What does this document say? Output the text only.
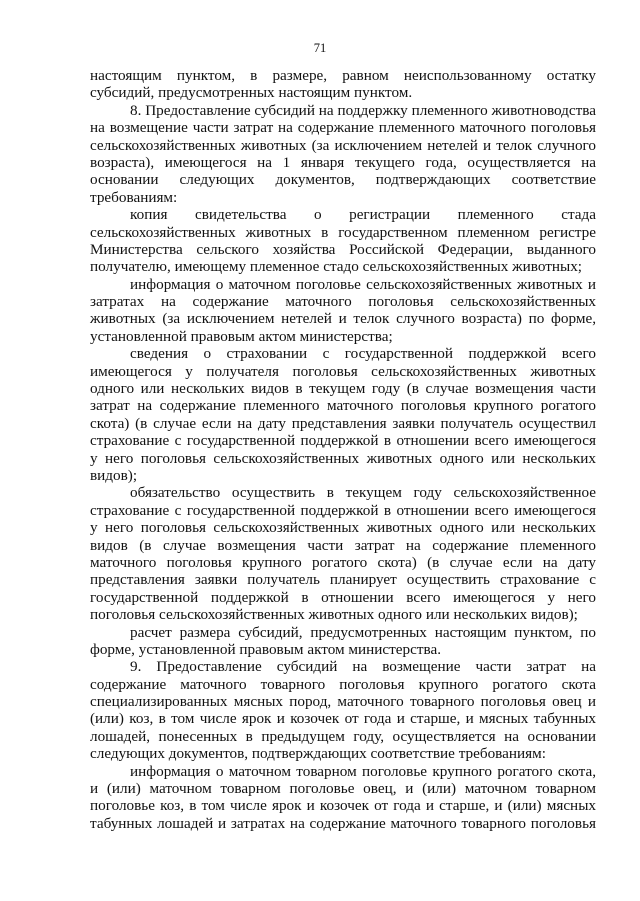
71
настоящим пунктом, в размере, равном неиспользованному остатку
субсидий, предусмотренных настоящим пунктом.
8. Предоставление субсидий на поддержку племенного животноводства
на возмещение части затрат на содержание племенного маточного поголовья
сельскохозяйственных животных (за исключением нетелей и телок случного
возраста), имеющегося на 1 января текущего года, осуществляется на
основании следующих документов, подтверждающих соответствие
требованиям:
копия свидетельства о регистрации племенного стада
сельскохозяйственных животных в государственном племенном регистре
Министерства сельского хозяйства Российской Федерации, выданного
получателю, имеющему племенное стадо сельскохозяйственных животных;
информация о маточном поголовье сельскохозяйственных животных и
затратах на содержание маточного поголовья сельскохозяйственных
животных (за исключением нетелей и телок случного возраста) по форме,
установленной правовым актом министерства;
сведения о страховании с государственной поддержкой всего
имеющегося у получателя поголовья сельскохозяйственных животных
одного или нескольких видов в текущем году (в случае возмещения части
затрат на содержание племенного маточного поголовья крупного рогатого
скота) (в случае если на дату представления заявки получатель осуществил
страхование с государственной поддержкой в отношении всего имеющегося
у него поголовья сельскохозяйственных животных одного или нескольких
видов);
обязательство осуществить в текущем году сельскохозяйственное
страхование с государственной поддержкой в отношении всего имеющегося
у него поголовья сельскохозяйственных животных одного или нескольких
видов (в случае возмещения части затрат на содержание племенного
маточного поголовья крупного рогатого скота) (в случае если на дату
представления заявки получатель планирует осуществить страхование с
государственной поддержкой в отношении всего имеющегося у него
поголовья сельскохозяйственных животных одного или нескольких видов);
расчет размера субсидий, предусмотренных настоящим пунктом, по
форме, установленной правовым актом министерства.
9. Предоставление субсидий на возмещение части затрат на
содержание маточного товарного поголовья крупного рогатого скота
специализированных мясных пород, маточного товарного поголовья овец и
(или) коз, в том числе ярок и козочек от года и старше, и мясных табунных
лошадей, понесенных в предыдущем году, осуществляется на основании
следующих документов, подтверждающих соответствие требованиям:
информация о маточном товарном поголовье крупного рогатого скота,
и (или) маточном товарном поголовье овец, и (или) маточном товарном
поголовье коз, в том числе ярок и козочек от года и старше, и (или) мясных
табунных лошадей и затратах на содержание маточного товарного поголовья
